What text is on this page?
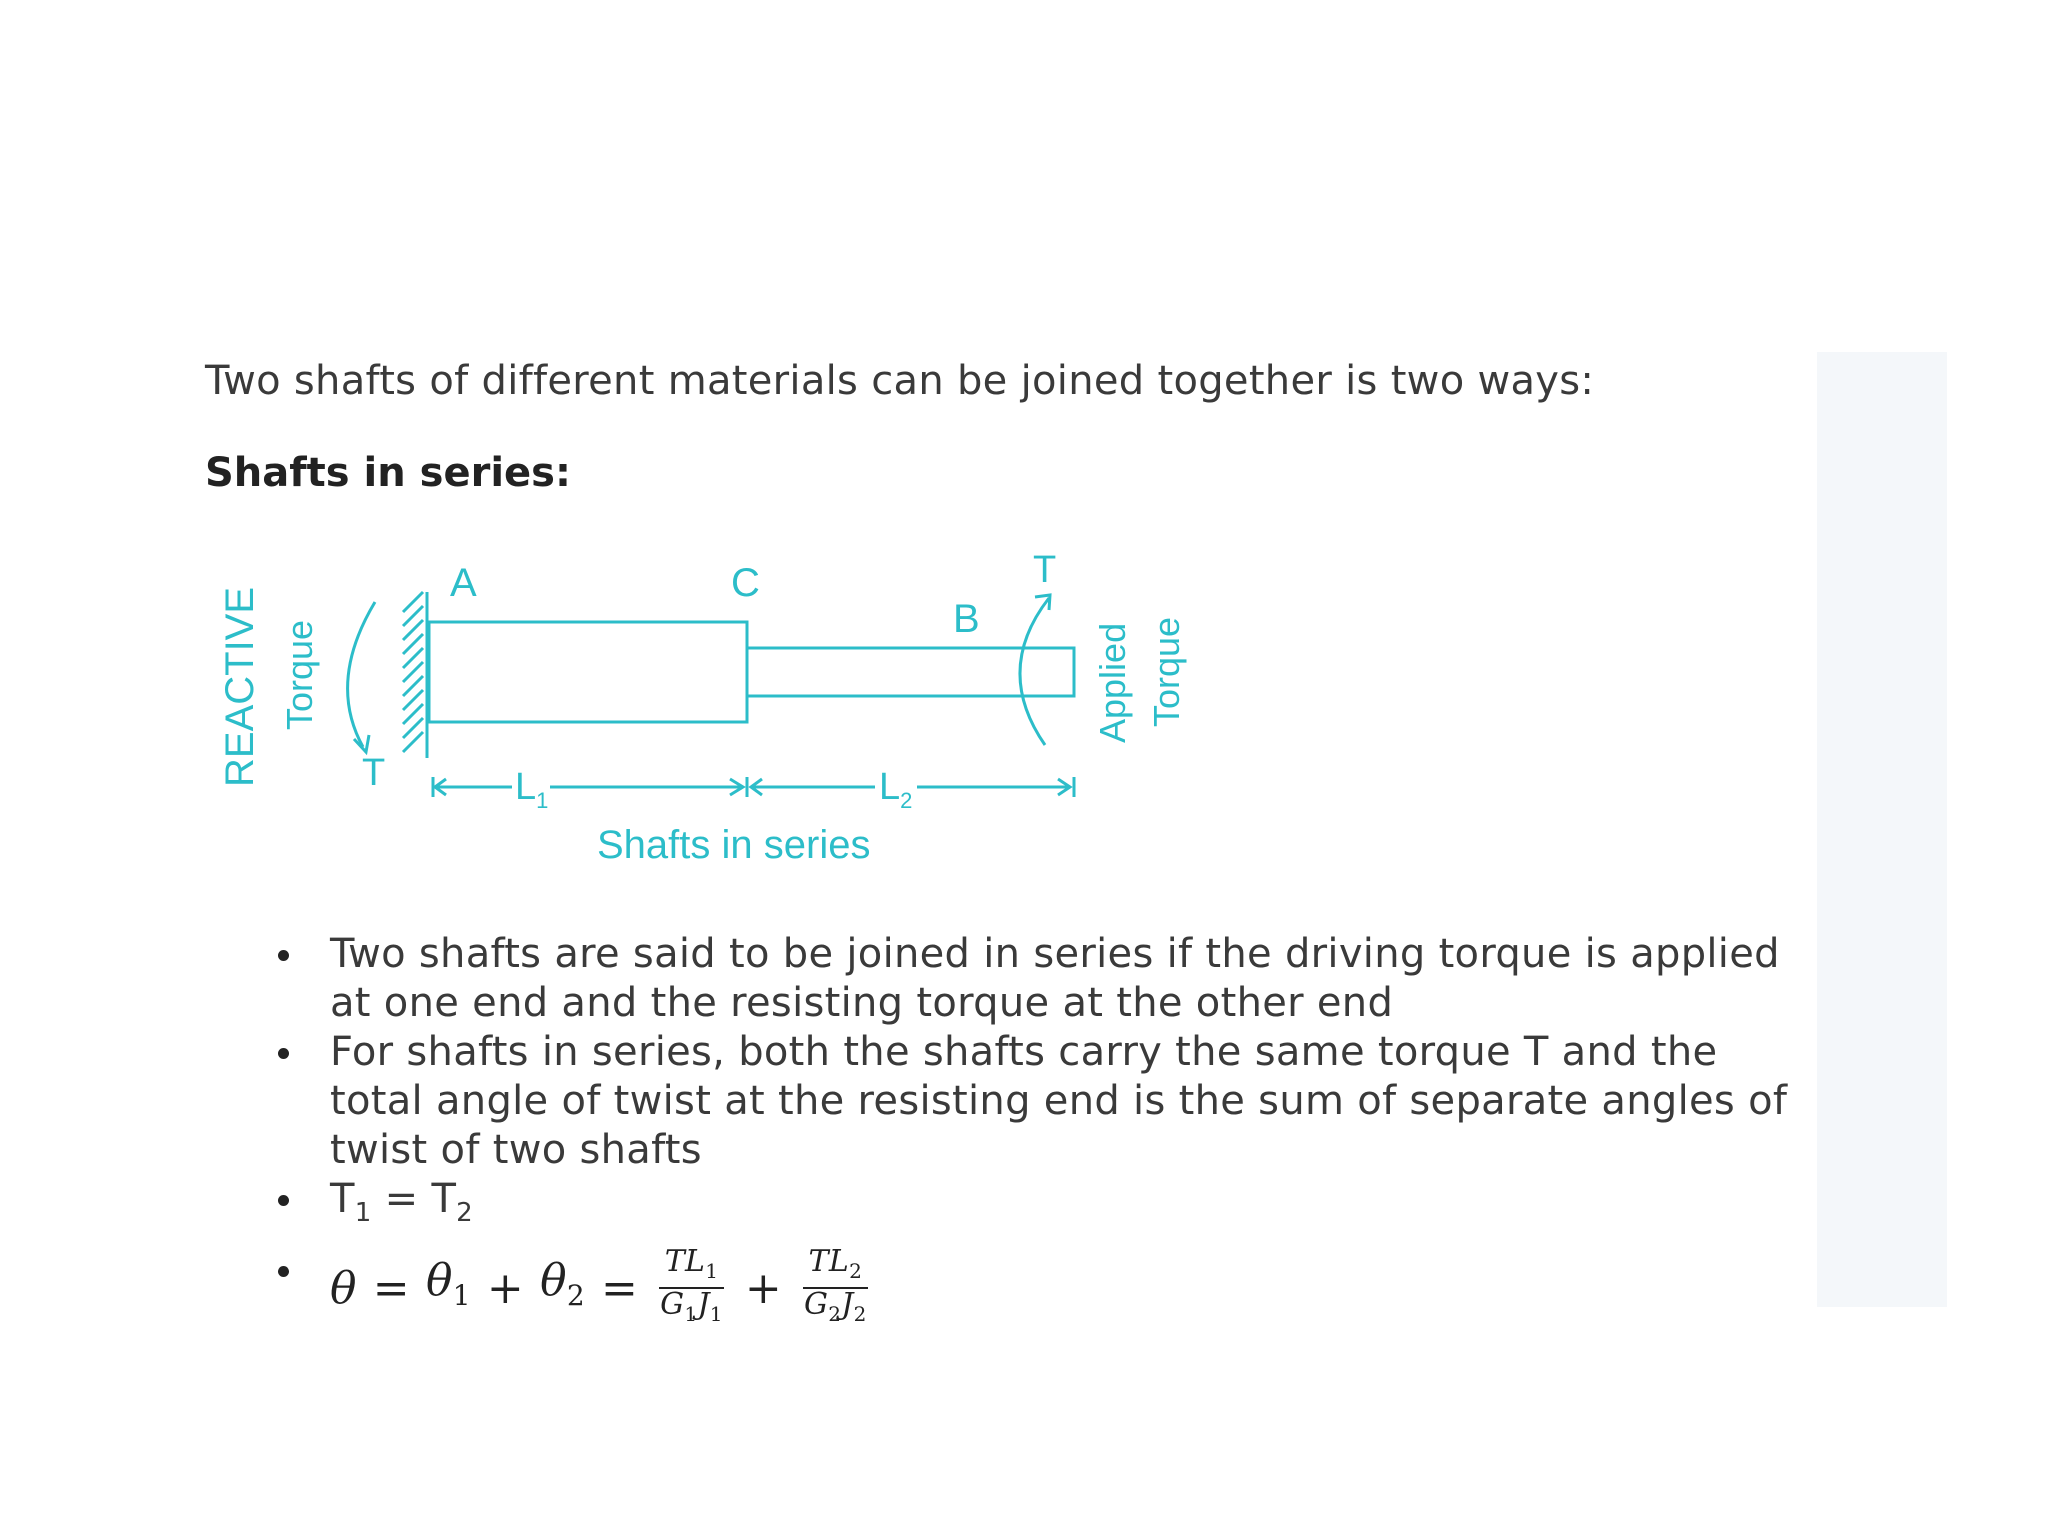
Two shafts of different materials can be joined together is two ways:
Shafts in series:
REACTIVE Torque
T
A	C
B
T
Applied Torque
$L_1$	$L_2$
Shafts in series
Two shafts are said to be joined in series if the driving torque is applied at one end and the resisting torque at the other end
For shafts in series, both the shafts carry the same torque T and the total angle of twist at the resisting end is the sum of separate angles of twist of two shafts
$T_1 = T_2$
$\theta = \theta_1 + \theta_2 = \frac{TL_1}{G_1J_1} + \frac{TL_2}{G_2J_2}$
